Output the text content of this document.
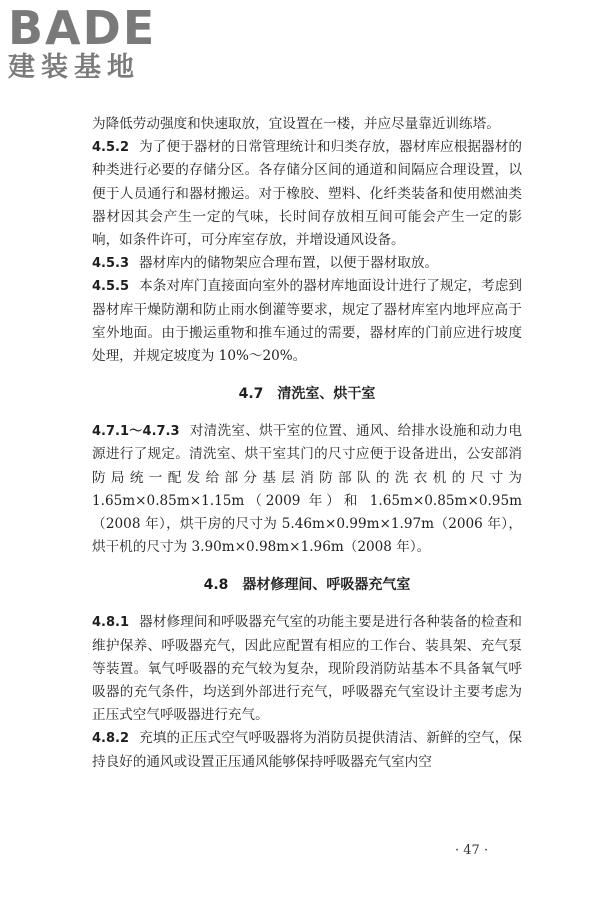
BADE
建装基地

为降低劳动强度和快速取放，宜设置在一楼，并应尽量靠近训练塔。

4.5.2 为了便于器材的日常管理统计和归类存放，器材库应根据器材的种类进行必要的存储分区。各存储分区间的通道和间隔应合理设置，以便于人员通行和器材搬运。对于橡胶、塑料、化纤类装备和使用燃油类器材因其会产生一定的气味，长时间存放相互间可能会产生一定的影响，如条件许可，可分库室存放，并增设通风设备。

4.5.3 器材库内的储物架应合理布置，以便于器材取放。

4.5.5 本条对库门直接面向室外的器材库地面设计进行了规定，考虑到器材库干燥防潮和防止雨水倒灌等要求，规定了器材库室内地坪应高于室外地面。由于搬运重物和推车通过的需要，器材库的门前应进行坡度处理，并规定坡度为 10%～20%。

4.7 清洗室、烘干室

4.7.1～4.7.3 对清洗室、烘干室的位置、通风、给排水设施和动力电源进行了规定。清洗室、烘干室其门的尺寸应便于设备进出，公安部消防局统一配发给部分基层消防部队的洗衣机的尺寸为 1.65m×0.85m×1.15m（2009 年）和 1.65m×0.85m×0.95m（2008 年），烘干房的尺寸为 5.46m×0.99m×1.97m（2006 年），烘干机的尺寸为 3.90m×0.98m×1.96m（2008 年）。

4.8 器材修理间、呼吸器充气室

4.8.1 器材修理间和呼吸器充气室的功能主要是进行各种装备的检查和维护保养、呼吸器充气，因此应配置有相应的工作台、装具架、充气泵等装置。氧气呼吸器的充气较为复杂，现阶段消防站基本不具备氧气呼吸器的充气条件，均送到外部进行充气，呼吸器充气室设计主要考虑为正压式空气呼吸器进行充气。

4.8.2 充填的正压式空气呼吸器将为消防员提供清洁、新鲜的空气，保持良好的通风或设置正压通风能够保持呼吸器充气室内空

· 47 ·
